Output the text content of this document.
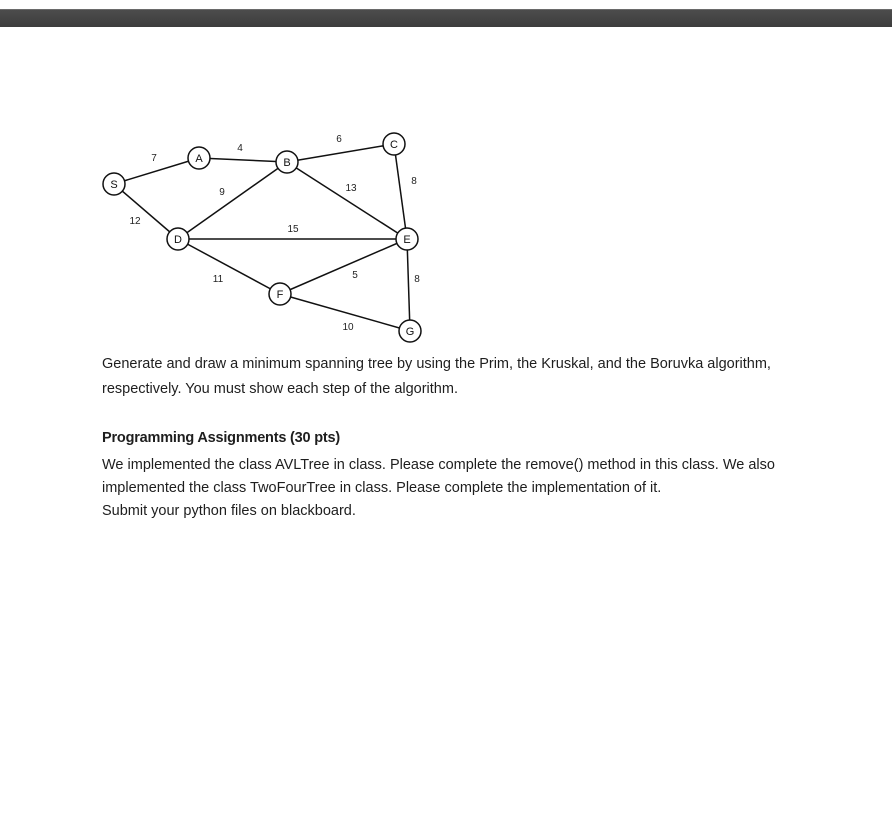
7
12
4
6
9	13
8
15
11	5	8
10
S
A	B
C
D	E
F
G
Generate and draw a minimum spanning tree by using the Prim, the Kruskal, and the Boruvka algorithm,
respectively. You must show each step of the algorithm.
Programming Assignments (30 pts)
We implemented the class AVLTree in class. Please complete the remove() method in this class. We also
implemented the class TwoFourTree in class. Please complete the implementation of it.
Submit your python files on blackboard.
